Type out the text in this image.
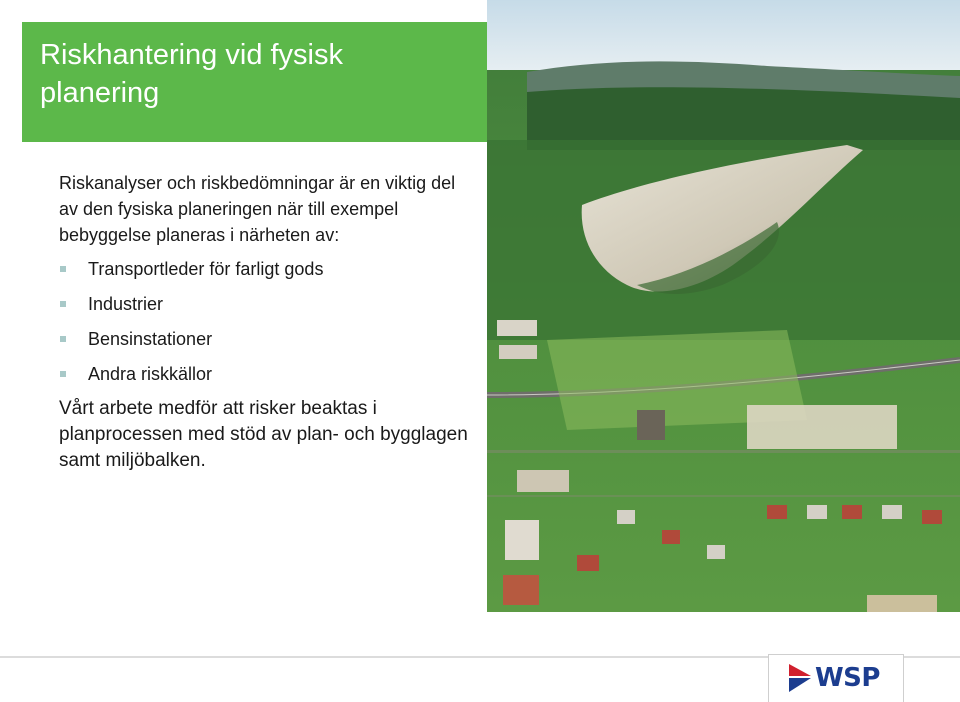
Riskhantering vid fysisk planering

Riskanalyser och riskbedömningar är en viktig del av den fysiska planeringen när till exempel bebyggelse planeras i närheten av:

Transportleder för farligt gods
Industrier
Bensinstationer
Andra riskkällor

Vårt arbete medför att risker beaktas i planprocessen med stöd av plan- och bygglagen samt miljöbalken.

WSP
